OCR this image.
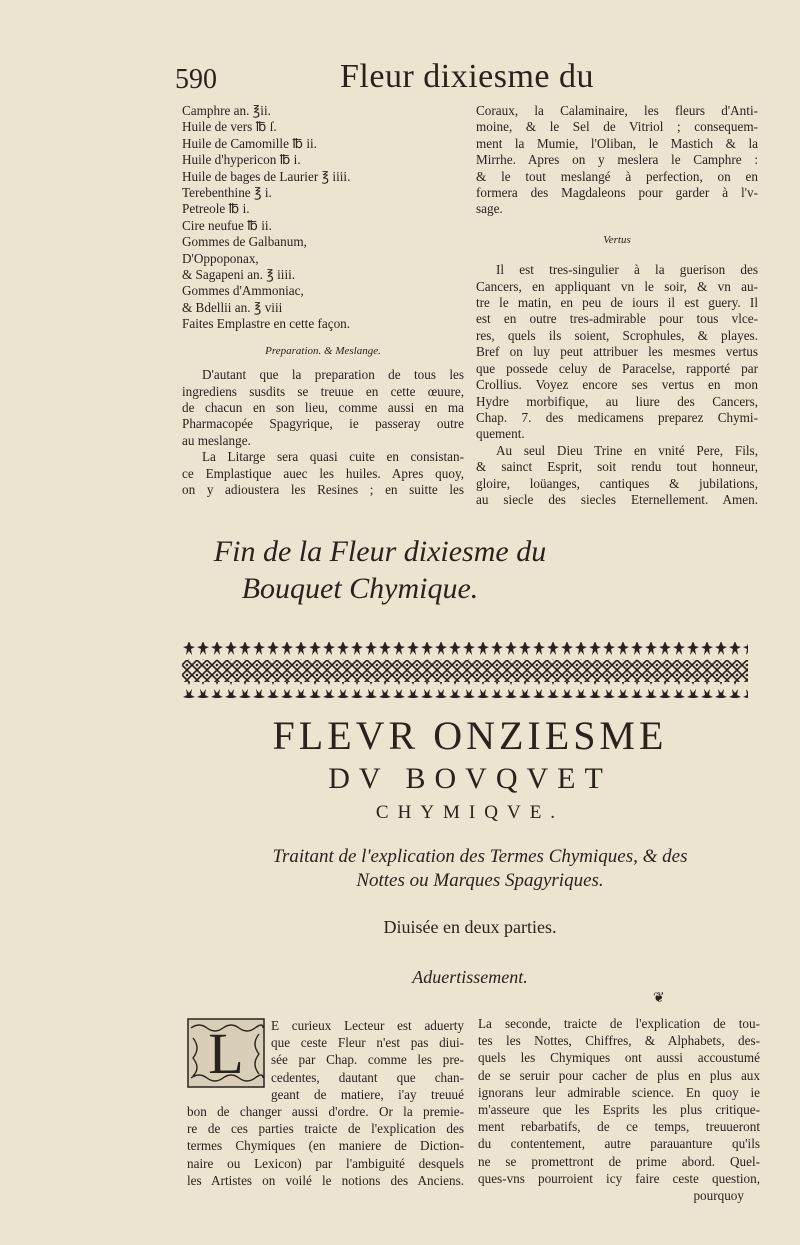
590	Fleur dixiesme du
Camphre an. ℥ii.
Huile de vers ℔ ſ.
Huile de Camomille ℔ ii.
Huile d'hypericon ℔ i.
Huile de bages de Laurier ℥ iiii.
Terebenthine ℥ i.
Petreole ℔ i.
Cire neufue ℔ ii.
Gommes de Galbanum,
D'Oppoponax,
& Sagapeni an. ℥ iiii.
Gommes d'Ammoniac,
& Bdellii an. ℥ viii
Faites Emplastre en cette façon.
Preparation. & Meslange.
D'autant que la preparation de tous les
ingrediens susdits se treuue en cette œuure,
de chacun en son lieu, comme aussi en ma
Pharmacopée Spagyrique, ie passeray outre
au meslange.
La Litarge sera quasi cuite en consistan-
ce Emplastique auec les huiles. Apres quoy,
on y adioustera les Resines ; en suitte les
Coraux, la Calaminaire, les fleurs d'Anti-
moine, & le Sel de Vitriol ; consequem-
ment la Mumie, l'Oliban, le Mastich & la
Mirrhe. Apres on y meslera le Camphre :
& le tout meslangé à perfection, on en
formera des Magdaleons pour garder à l'v-
sage.
Vertus
Il est tres-singulier à la guerison des
Cancers, en appliquant vn le soir, & vn au-
tre le matin, en peu de iours il est guery. Il
est en outre tres-admirable pour tous vlce-
res, quels ils soient, Scrophules, & playes.
Bref on luy peut attribuer les mesmes vertus
que possede celuy de Paracelse, rapporté par
Crollius. Voyez encore ses vertus en mon
Hydre morbifique, au liure des Cancers,
Chap. 7. des medicamens preparez Chymi-
quement.
Au seul Dieu Trine en vnité Pere, Fils,
& sainct Esprit, soit rendu tout honneur,
gloire, loüanges, cantiques & jubilations,
au siecle des siecles Eternellement. Amen.
Fin de la Fleur dixiesme du
Bouquet Chymique.
FLEVR ONZIESME
DV BOVQVET
CHYMIQVE.
Traitant de l'explication des Termes Chymiques, & des
Nottes ou Marques Spagyriques.
Diuisée en deux parties.
Aduertissement.
❦
L	E curieux Lecteur est aduerty
que ceste Fleur n'est pas diui-
sée par Chap. comme les pre-
cedentes, dautant que chan-
geant de matiere, i'ay treuué
bon de changer aussi d'ordre. Or la premie-
re de ces parties traicte de l'explication des
termes Chymiques (en maniere de Diction-
naire ou Lexicon) par l'ambiguité desquels
les Artistes on voilé le notions des Anciens.
La seconde, traicte de l'explication de tou-
tes les Nottes, Chiffres, & Alphabets, des-
quels les Chymiques ont aussi accoustumé
de se seruir pour cacher de plus en plus aux
ignorans leur admirable science. En quoy ie
m'asseure que les Esprits les plus critique-
ment rebarbatifs, de ce temps, treuueront
du contentement, autre parauanture qu'ils
ne se promettront de prime abord. Quel-
ques-vns pourroient icy faire ceste question,
pourquoy
